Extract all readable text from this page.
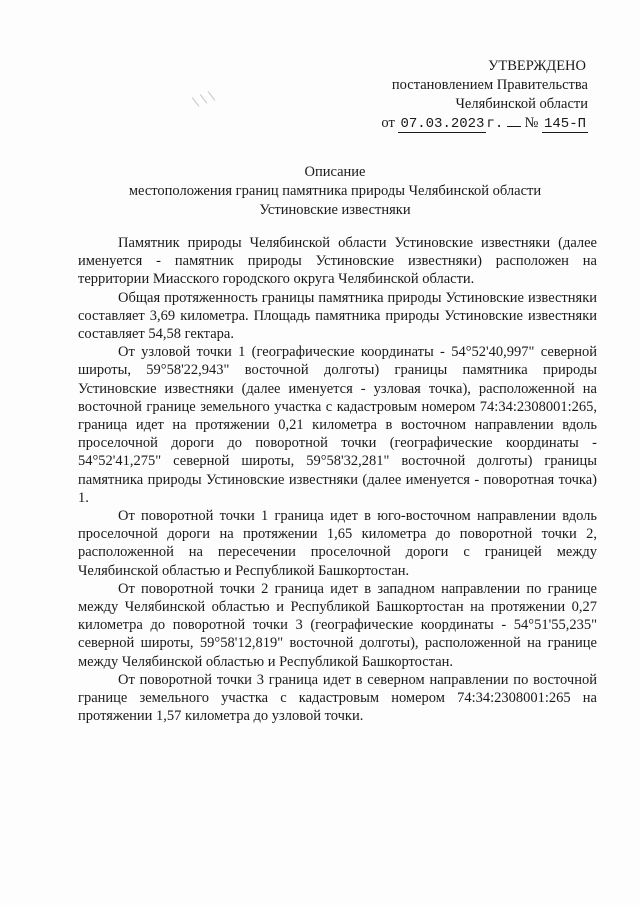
\ \ \
УТВЕРЖДЕНО
постановлением Правительства
Челябинской области
от 07.03.2023 г. № 145-П
Описание
местоположения границ памятника природы Челябинской области
Устиновские известняки

Памятник природы Челябинской области Устиновские известняки (далее именуется - памятник природы Устиновские известняки) расположен на территории Миасского городского округа Челябинской области.

Общая протяженность границы памятника природы Устиновские известняки составляет 3,69 километра. Площадь памятника природы Устиновские известняки составляет 54,58 гектара.

От узловой точки 1 (географические координаты - 54°52'40,997" северной широты, 59°58'22,943" восточной долготы) границы памятника природы Устиновские известняки (далее именуется - узловая точка), расположенной на восточной границе земельного участка с кадастровым номером 74:34:2308001:265, граница идет на протяжении 0,21 километра в восточном направлении вдоль проселочной дороги до поворотной точки (географические координаты - 54°52'41,275" северной широты, 59°58'32,281" восточной долготы) границы памятника природы Устиновские известняки (далее именуется - поворотная точка) 1.

От поворотной точки 1 граница идет в юго-восточном направлении вдоль проселочной дороги на протяжении 1,65 километра до поворотной точки 2, расположенной на пересечении проселочной дороги с границей между Челябинской областью и Республикой Башкортостан.

От поворотной точки 2 граница идет в западном направлении по границе между Челябинской областью и Республикой Башкортостан на протяжении 0,27 километра до поворотной точки 3 (географические координаты - 54°51'55,235" северной широты, 59°58'12,819" восточной долготы), расположенной на границе между Челябинской областью и Республикой Башкортостан.

От поворотной точки 3 граница идет в северном направлении по восточной границе земельного участка с кадастровым номером 74:34:2308001:265 на протяжении 1,57 километра до узловой точки.
